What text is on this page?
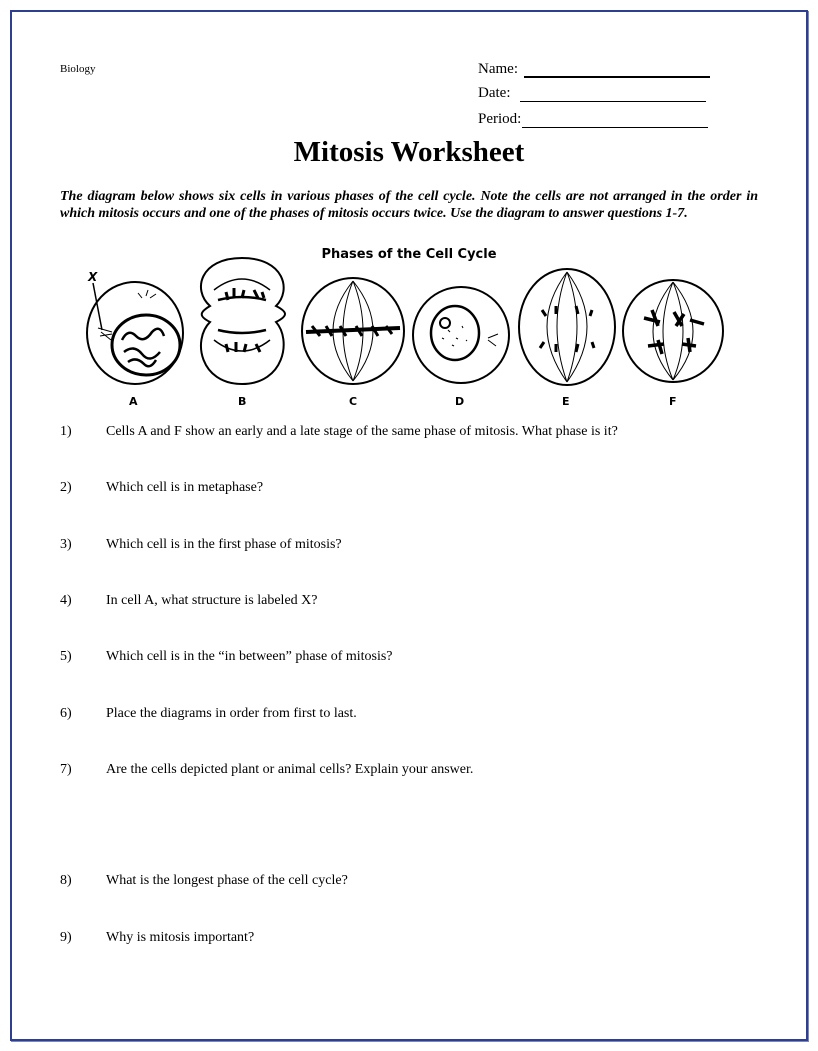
Biology	Name:
Date:
Period:
Mitosis Worksheet
The diagram below shows six cells in various phases of the cell cycle. Note the cells are not arranged in the order in which mitosis occurs and one of the phases of mitosis occurs twice. Use the diagram to answer questions 1-7.
Phases of the Cell Cycle
X
A	B	C	D	E	F
1)	Cells A and F show an early and a late stage of the same phase of mitosis. What phase is it?
2)	Which cell is in metaphase?
3)	Which cell is in the first phase of mitosis?
4)	In cell A, what structure is labeled X?
5)	Which cell is in the “in between” phase of mitosis?
6)	Place the diagrams in order from first to last.
7)	Are the cells depicted plant or animal cells? Explain your answer.
8)	What is the longest phase of the cell cycle?
9)	Why is mitosis important?
